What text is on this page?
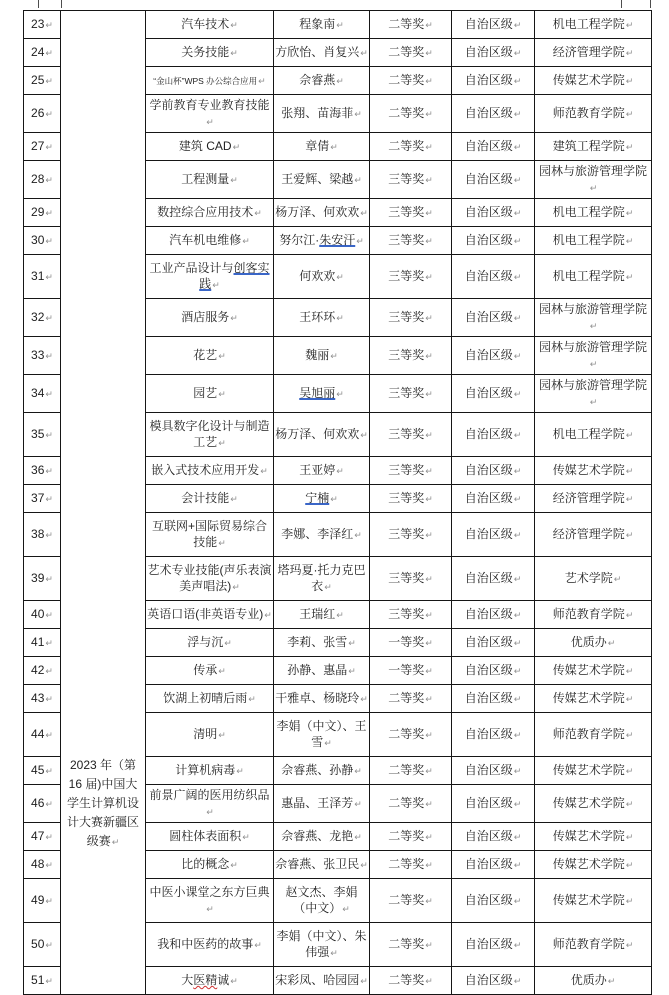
23↵	2023 年（第 16 届)中国大学生计算机设计大赛新疆区级赛↵	汽车技术↵	程象南↵	二等奖↵	自治区级↵	机电工程学院↵
24↵		关务技能↵	方欣怡、肖复兴↵	二等奖↵	自治区级↵	经济管理学院↵
25↵		“金山杯”WPS 办公综合应用↵	佘睿燕↵	二等奖↵	自治区级↵	传媒艺术学院↵
26↵		学前教育专业教育技能↵	张翔、苗海菲↵	二等奖↵	自治区级↵	师范教育学院↵
27↵		建筑 CAD↵	章倩↵	二等奖↵	自治区级↵	建筑工程学院↵
28↵		工程测量↵	王爱辉、梁越↵	三等奖↵	自治区级↵	园林与旅游管理学院↵
29↵		数控综合应用技术↵	杨万泽、何欢欢↵	三等奖↵	自治区级↵	机电工程学院↵
30↵		汽车机电维修↵	努尔江·朱安汗↵	三等奖↵	自治区级↵	机电工程学院↵
31↵		工业产品设计与创客实践↵	何欢欢↵	三等奖↵	自治区级↵	机电工程学院↵
32↵		酒店服务↵	王环环↵	三等奖↵	自治区级↵	园林与旅游管理学院↵
33↵		花艺↵	魏丽↵	三等奖↵	自治区级↵	园林与旅游管理学院↵
34↵		园艺↵	吴旭丽↵	三等奖↵	自治区级↵	园林与旅游管理学院↵
35↵		模具数字化设计与制造工艺↵	杨万泽、何欢欢↵	三等奖↵	自治区级↵	机电工程学院↵
36↵		嵌入式技术应用开发↵	王亚婷↵	三等奖↵	自治区级↵	传媒艺术学院↵
37↵		会计技能↵	宁楠↵	三等奖↵	自治区级↵	经济管理学院↵
38↵		互联网+国际贸易综合技能↵	李娜、李泽红↵	三等奖↵	自治区级↵	经济管理学院↵
39↵		艺术专业技能(声乐表演美声唱法)↵	塔玛夏·托力克巴衣↵	三等奖↵	自治区级↵	艺术学院↵
40↵		英语口语(非英语专业)↵	王瑞红↵	三等奖↵	自治区级↵	师范教育学院↵
41↵		浮与沉↵	李莉、张雪↵	一等奖↵	自治区级↵	优质办↵
42↵		传承↵	孙静、惠晶↵	一等奖↵	自治区级↵	传媒艺术学院↵
43↵		饮湖上初晴后雨↵	干雅卓、杨晓玲↵	二等奖↵	自治区级↵	传媒艺术学院↵
44↵		清明↵	李娟（中文）、王雪↵	二等奖↵	自治区级↵	师范教育学院↵
45↵		计算机病毒↵	佘睿燕、孙静↵	二等奖↵	自治区级↵	传媒艺术学院↵
46↵		前景广阔的医用纺织品↵	惠晶、王泽芳↵	二等奖↵	自治区级↵	传媒艺术学院↵
47↵		圆柱体表面积↵	佘睿燕、龙艳↵	二等奖↵	自治区级↵	传媒艺术学院↵
48↵		比的概念↵	佘睿燕、张卫民↵	二等奖↵	自治区级↵	传媒艺术学院↵
49↵		中医小课堂之东方巨典↵	赵文杰、李娟（中文）↵	二等奖↵	自治区级↵	传媒艺术学院↵
50↵		我和中医药的故事↵	李娟（中文）、朱伟强↵	二等奖↵	自治区级↵	师范教育学院↵
51↵		大医精诚↵	宋彩凤、哈园园↵	二等奖↵	自治区级↵	优质办↵
